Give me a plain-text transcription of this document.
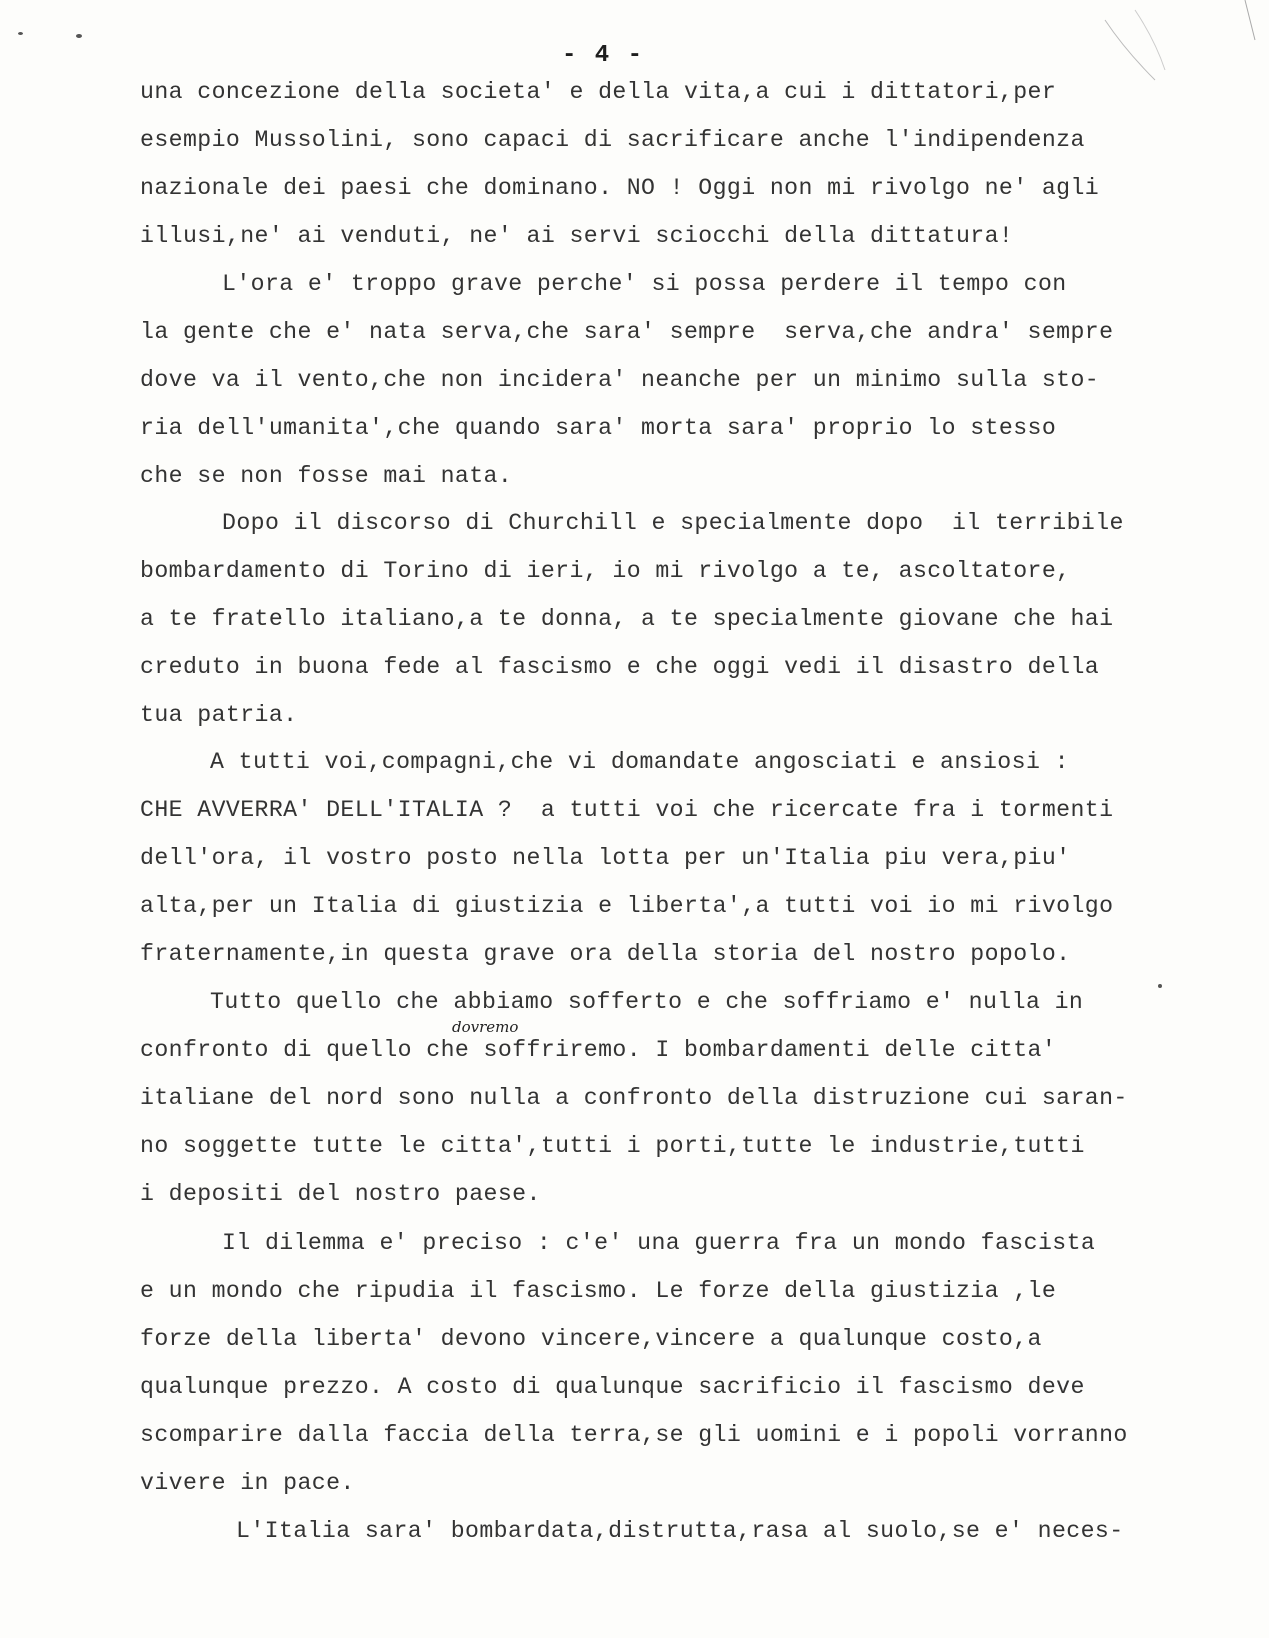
- 4 -
una concezione della societa' e della vita,a cui i dittatori,per
esempio Mussolini, sono capaci di sacrificare anche l'indipendenza
nazionale dei paesi che dominano. NO ! Oggi non mi rivolgo ne' agli
illusi,ne' ai venduti, ne' ai servi sciocchi della dittatura!
L'ora e' troppo grave perche' si possa perdere il tempo con
la gente che e' nata serva,che sara' sempre  serva,che andra' sempre
dove va il vento,che non incidera' neanche per un minimo sulla sto-
ria dell'umanita',che quando sara' morta sara' proprio lo stesso
che se non fosse mai nata.
Dopo il discorso di Churchill e specialmente dopo  il terribile
bombardamento di Torino di ieri, io mi rivolgo a te, ascoltatore,
a te fratello italiano,a te donna, a te specialmente giovane che hai
creduto in buona fede al fascismo e che oggi vedi il disastro della
tua patria.
A tutti voi,compagni,che vi domandate angosciati e ansiosi :
CHE AVVERRA' DELL'ITALIA ?  a tutti voi che ricercate fra i tormenti
dell'ora, il vostro posto nella lotta per un'Italia piu vera,piu'
alta,per un Italia di giustizia e liberta',a tutti voi io mi rivolgo
fraternamente,in questa grave ora della storia del nostro popolo.
Tutto quello che abbiamo sofferto e che soffriamo e' nulla in
dovremo
confronto di quello che soffriremo. I bombardamenti delle citta'
italiane del nord sono nulla a confronto della distruzione cui saran-
no soggette tutte le citta',tutti i porti,tutte le industrie,tutti
i depositi del nostro paese.
Il dilemma e' preciso : c'e' una guerra fra un mondo fascista
e un mondo che ripudia il fascismo. Le forze della giustizia ,le
forze della liberta' devono vincere,vincere a qualunque costo,a
qualunque prezzo. A costo di qualunque sacrificio il fascismo deve
scomparire dalla faccia della terra,se gli uomini e i popoli vorranno
vivere in pace.
L'Italia sara' bombardata,distrutta,rasa al suolo,se e' neces-
